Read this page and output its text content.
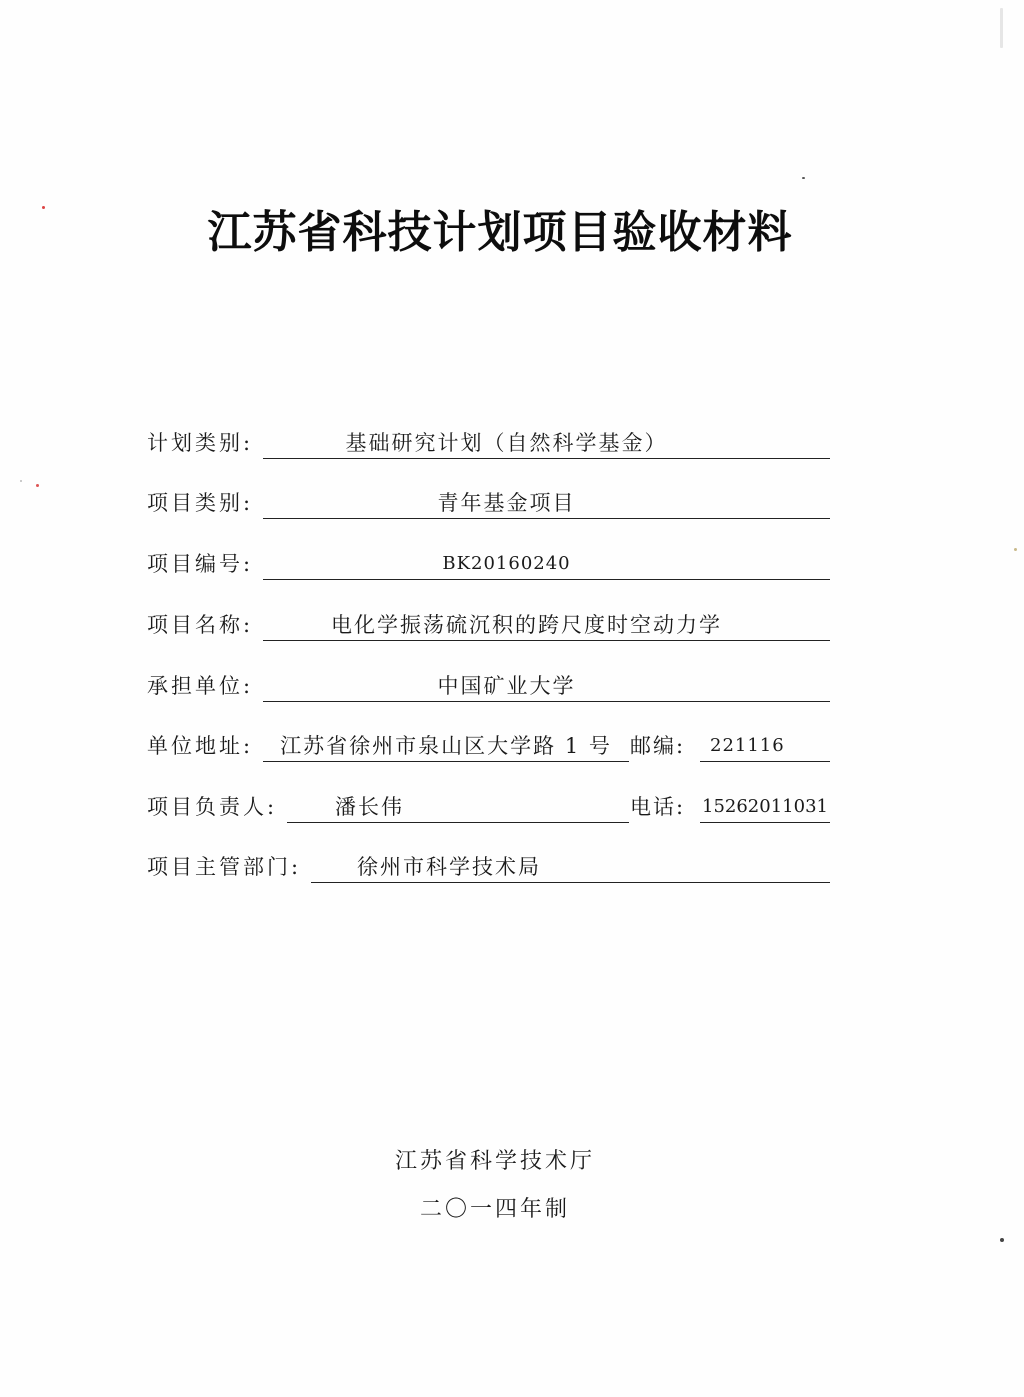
江苏省科技计划项目验收材料
计划类别:	基础研究计划（自然科学基金）
项目类别:	青年基金项目
项目编号:	BK20160240
项目名称:	电化学振荡硫沉积的跨尺度时空动力学
承担单位:	中国矿业大学
单位地址:	江苏省徐州市泉山区大学路 1 号 邮编: 221116
项目负责人:	潘长伟	电话: 15262011031
项目主管部门:	徐州市科学技术局
江苏省科学技术厅
二〇一四年制
